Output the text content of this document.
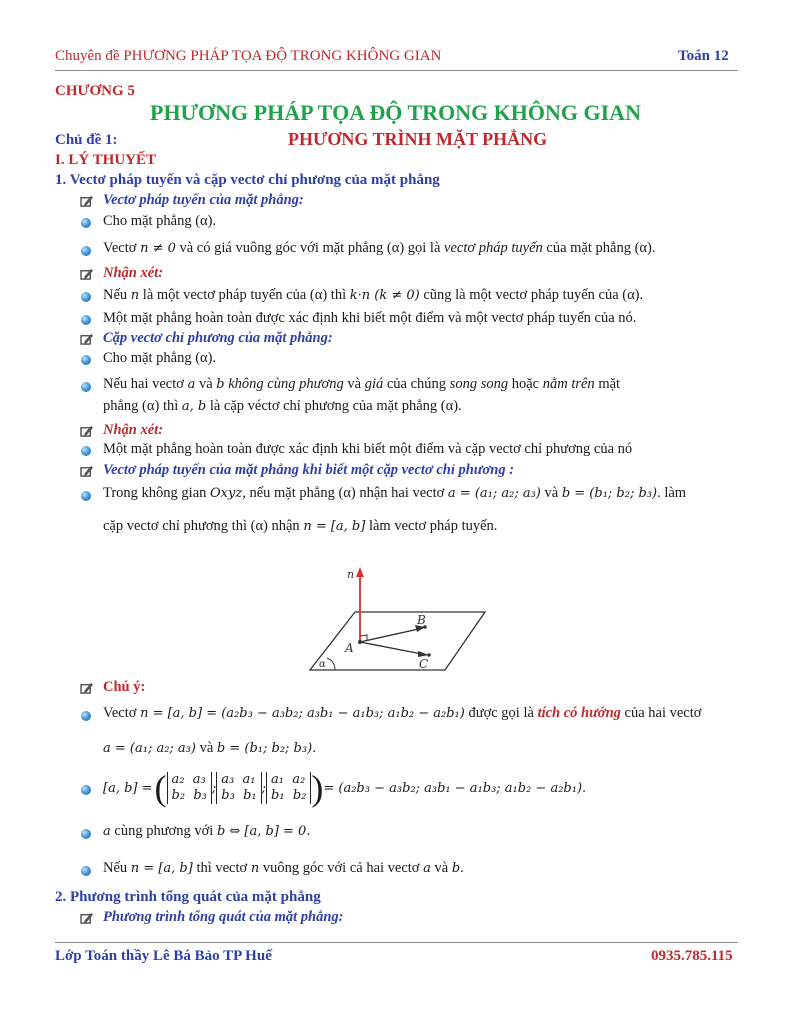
Chuyên đề PHƯƠNG PHÁP TỌA ĐỘ TRONG KHÔNG GIAN	Toán 12
CHƯƠNG 5
PHƯƠNG PHÁP TỌA ĐỘ TRONG KHÔNG GIAN
Chủ đề 1:	PHƯƠNG TRÌNH MẶT PHẲNG
I. LÝ THUYẾT
1. Vectơ pháp tuyến và cặp vectơ chỉ phương của mặt phẳng
Vectơ pháp tuyến của mặt phẳng:
Cho mặt phẳng (α).
Vectơ n ≠ 0 và có giá vuông góc với mặt phẳng (α) gọi là vectơ pháp tuyến của mặt phẳng (α).
Nhận xét:
Nếu n là một vectơ pháp tuyến của (α) thì k·n (k ≠ 0) cũng là một vectơ pháp tuyến của (α).
Một mặt phẳng hoàn toàn được xác định khi biết một điểm và một vectơ pháp tuyến của nó.
Cặp vectơ chỉ phương của mặt phẳng:
Cho mặt phẳng (α).
Nếu hai vectơ a và b không cùng phương và giá của chúng song song hoặc nằm trên mặt
phẳng (α) thì a, b là cặp véctơ chỉ phương của mặt phẳng (α).
Nhận xét:
Một mặt phẳng hoàn toàn được xác định khi biết một điểm và cặp vectơ chỉ phương của nó
Vectơ pháp tuyến của mặt phẳng khi biết một cặp vectơ chỉ phương :
Trong không gian Oxyz, nếu mặt phẳng (α) nhận hai vectơ a = (a₁; a₂; a₃) và b = (b₁; b₂; b₃). làm
cặp vectơ chỉ phương thì (α) nhận n = [a, b] làm vectơ pháp tuyến.
n
A
B
C
α
Chú ý:
Vectơ n = [a, b] = (a₂b₃ − a₃b₂; a₃b₁ − a₁b₃; a₁b₂ − a₂b₁) được gọi là tích có hướng của hai vectơ
a = (a₁; a₂; a₃) và b = (b₁; b₂; b₃).
[a, b] = ( a₂ a₃
b₂ b₃ ;
a₃ a₁
b₃ b₁ ;
a₁ a₂
b₁ b₂ ) = (a₂b₃ − a₃b₂; a₃b₁ − a₁b₃; a₁b₂ − a₂b₁).
a cùng phương với b ⇔ [a, b] = 0.
Nếu n = [a, b] thì vectơ n vuông góc với cả hai vectơ a và b.
2. Phương trình tổng quát của mặt phẳng
Phương trình tổng quát của mặt phẳng:
Lớp Toán thầy Lê Bá Bảo TP Huế	0935.785.115
